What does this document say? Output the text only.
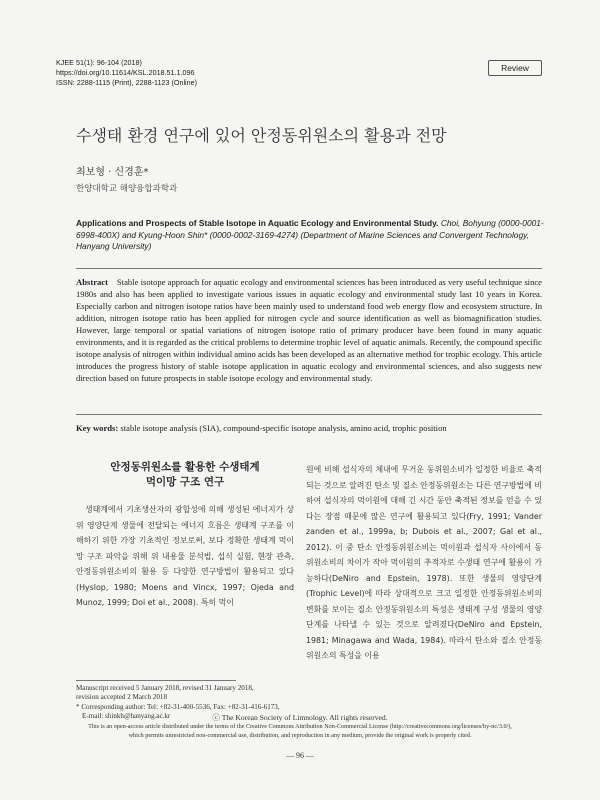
KJEE 51(1): 96-104 (2018)
https://doi.org/10.11614/KSL.2018.51.1.096
ISSN: 2288-1115 (Print), 2288-1123 (Online)
Review
수생태 환경 연구에 있어 안정동위원소의 활용과 전망
최보형 · 신경훈*
한양대학교 해양융합과학과
Applications and Prospects of Stable Isotope in Aquatic Ecology and Environmental Study. Choi, Bohyung (0000-0001-6998-400X) and Kyung-Hoon Shin* (0000-0002-3169-4274) (Department of Marine Sciences and Convergent Technology, Hanyang University)
Abstract Stable isotope approach for aquatic ecology and environmental sciences has been introduced as very useful technique since 1980s and also has been applied to investigate various issues in aquatic ecology and environmental study last 10 years in Korea. Especially carbon and nitrogen isotope ratios have been mainly used to understand food web energy flow and ecosystem structure. In addition, nitrogen isotope ratio has been applied for nitrogen cycle and source identification as well as biomagnification studies. However, large temporal or spatial variations of nitrogen isotope ratio of primary producer have been found in many aquatic environments, and it is regarded as the critical problems to determine trophic level of aquatic animals. Recently, the compound specific isotope analysis of nitrogen within individual amino acids has been developed as an alternative method for trophic ecology. This article introduces the progress history of stable isotope application in aquatic ecology and environmental sciences, and also suggests new direction based on future prospects in stable isotope ecology and environmental study.
Key words: stable isotope analysis (SIA), compound-specific isotope analysis, amino acid, trophic position
안정동위원소를 활용한 수생태계
먹이망 구조 연구

생태계에서 기초생산자의 광합성에 의해 생성된 에너지가 상위 영양단계 생물에 전달되는 에너지 흐름은 생태계 구조를 이해하기 위한 가장 기초적인 정보로써, 보다 정확한 생태계 먹이망 구조 파악을 위해 위 내용물 분석법, 섭식 실험, 현장 관측, 안정동위원소비의 활용 등 다양한 연구방법이 활용되고 있다(Hyslop, 1980; Moens and Vincx, 1997; Ojeda and Munoz, 1999; Doi et al., 2008). 특히 먹이

원에 비해 섭식자의 체내에 무거운 동위원소비가 일정한 비율로 축적되는 것으로 알려진 탄소 및 질소 안정동위원소는 다른 연구방법에 비하여 섭식자의 먹이원에 대해 긴 시간 동안 축적된 정보를 얻을 수 있다는 장점 때문에 많은 연구에 활용되고 있다(Fry, 1991; Vander zanden et al., 1999a, b; Dubois et al., 2007; Gal et al., 2012). 이 중 탄소 안정동위원소비는 먹이원과 섭식자 사이에서 동위원소비의 차이가 작아 먹이원의 추적자로 수생태 연구에 활용이 가능하다(DeNiro and Epstein, 1978). 또한 생물의 영양단계(Trophic Level)에 따라 상대적으로 크고 일정한 안정동위원소비의 변화를 보이는 질소 안정동위원소의 특성은 생태계 구성 생물의 영양단계를 나타낼 수 있는 것으로 알려졌다(DeNiro and Epstein, 1981; Minagawa and Wada, 1984). 따라서 탄소와 질소 안정동위원소의 특성을 이용

Manuscript received 5 January 2018, revised 31 January 2018,
revision accepted 2 March 2018
* Corresponding author: Tel: +82-31-400-5536, Fax: +82-31-416-6173,
E-mail: shinkh@hanyang.ac.kr	ⓒ The Korean Society of Limnology. All rights reserved.
This is an open-access article distributed under the terms of the Creative Commons Attribution Non-Commercial License (http://creativecommons.org/licenses/by-nc/3.0/),
which permits unrestricted non-commercial use, distribution, and reproduction in any medium, provide the original work is properly cited.
— 96 —
